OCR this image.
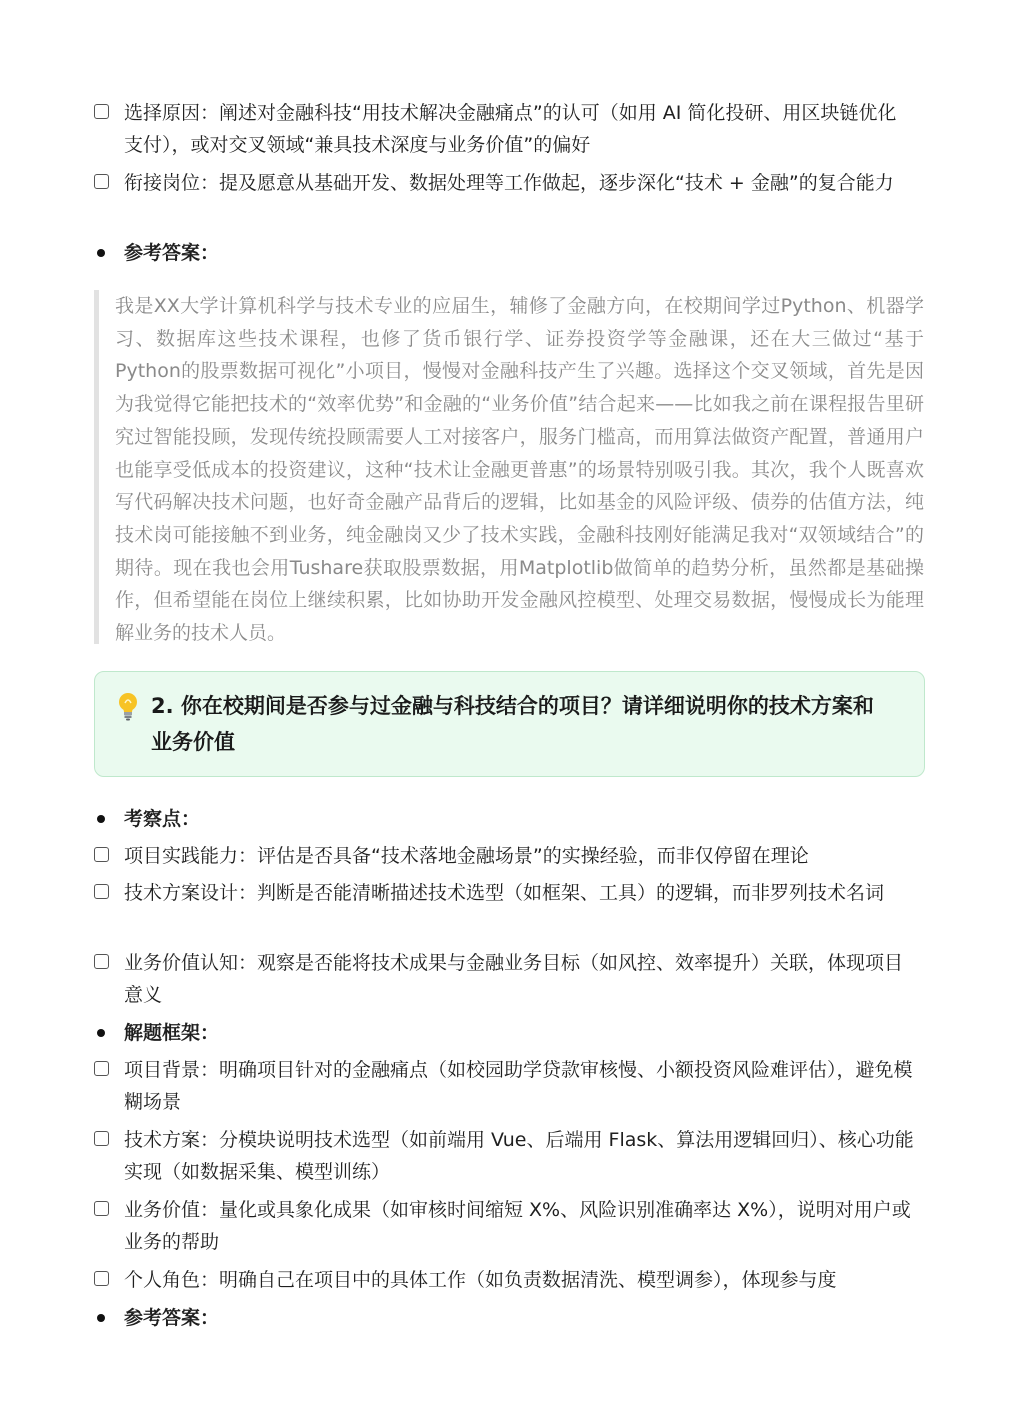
选择原因：阐述对金融科技“用技术解决金融痛点”的认可（如用 AI 简化投研、用区块链优化支付），或对交叉领域“兼具技术深度与业务价值”的偏好
衔接岗位：提及愿意从基础开发、数据处理等工作做起，逐步深化“技术 + 金融”的复合能力
参考答案：

我是XX大学计算机科学与技术专业的应届生，辅修了金融方向，在校期间学过Python、机器学习、数据库这些技术课程，也修了货币银行学、证券投资学等金融课，还在大三做过“基于Python的股票数据可视化”小项目，慢慢对金融科技产生了兴趣。选择这个交叉领域，首先是因为我觉得它能把技术的“效率优势”和金融的“业务价值”结合起来——比如我之前在课程报告里研究过智能投顾，发现传统投顾需要人工对接客户，服务门槛高，而用算法做资产配置，普通用户也能享受低成本的投资建议，这种“技术让金融更普惠”的场景特别吸引我。其次，我个人既喜欢写代码解决技术问题，也好奇金融产品背后的逻辑，比如基金的风险评级、债券的估值方法，纯技术岗可能接触不到业务，纯金融岗又少了技术实践，金融科技刚好能满足我对“双领域结合”的期待。现在我也会用Tushare获取股票数据，用Matplotlib做简单的趋势分析，虽然都是基础操作，但希望能在岗位上继续积累，比如协助开发金融风控模型、处理交易数据，慢慢成长为能理解业务的技术人员。

2. 你在校期间是否参与过金融与科技结合的项目？请详细说明你的技术方案和业务价值
考察点：
项目实践能力：评估是否具备“技术落地金融场景”的实操经验，而非仅停留在理论
技术方案设计：判断是否能清晰描述技术选型（如框架、工具）的逻辑，而非罗列技术名词
业务价值认知：观察是否能将技术成果与金融业务目标（如风控、效率提升）关联，体现项目意义
解题框架：
项目背景：明确项目针对的金融痛点（如校园助学贷款审核慢、小额投资风险难评估），避免模糊场景
技术方案：分模块说明技术选型（如前端用 Vue、后端用 Flask、算法用逻辑回归）、核心功能实现（如数据采集、模型训练）
业务价值：量化或具象化成果（如审核时间缩短 X%、风险识别准确率达 X%），说明对用户或业务的帮助
个人角色：明确自己在项目中的具体工作（如负责数据清洗、模型调参），体现参与度
参考答案：
